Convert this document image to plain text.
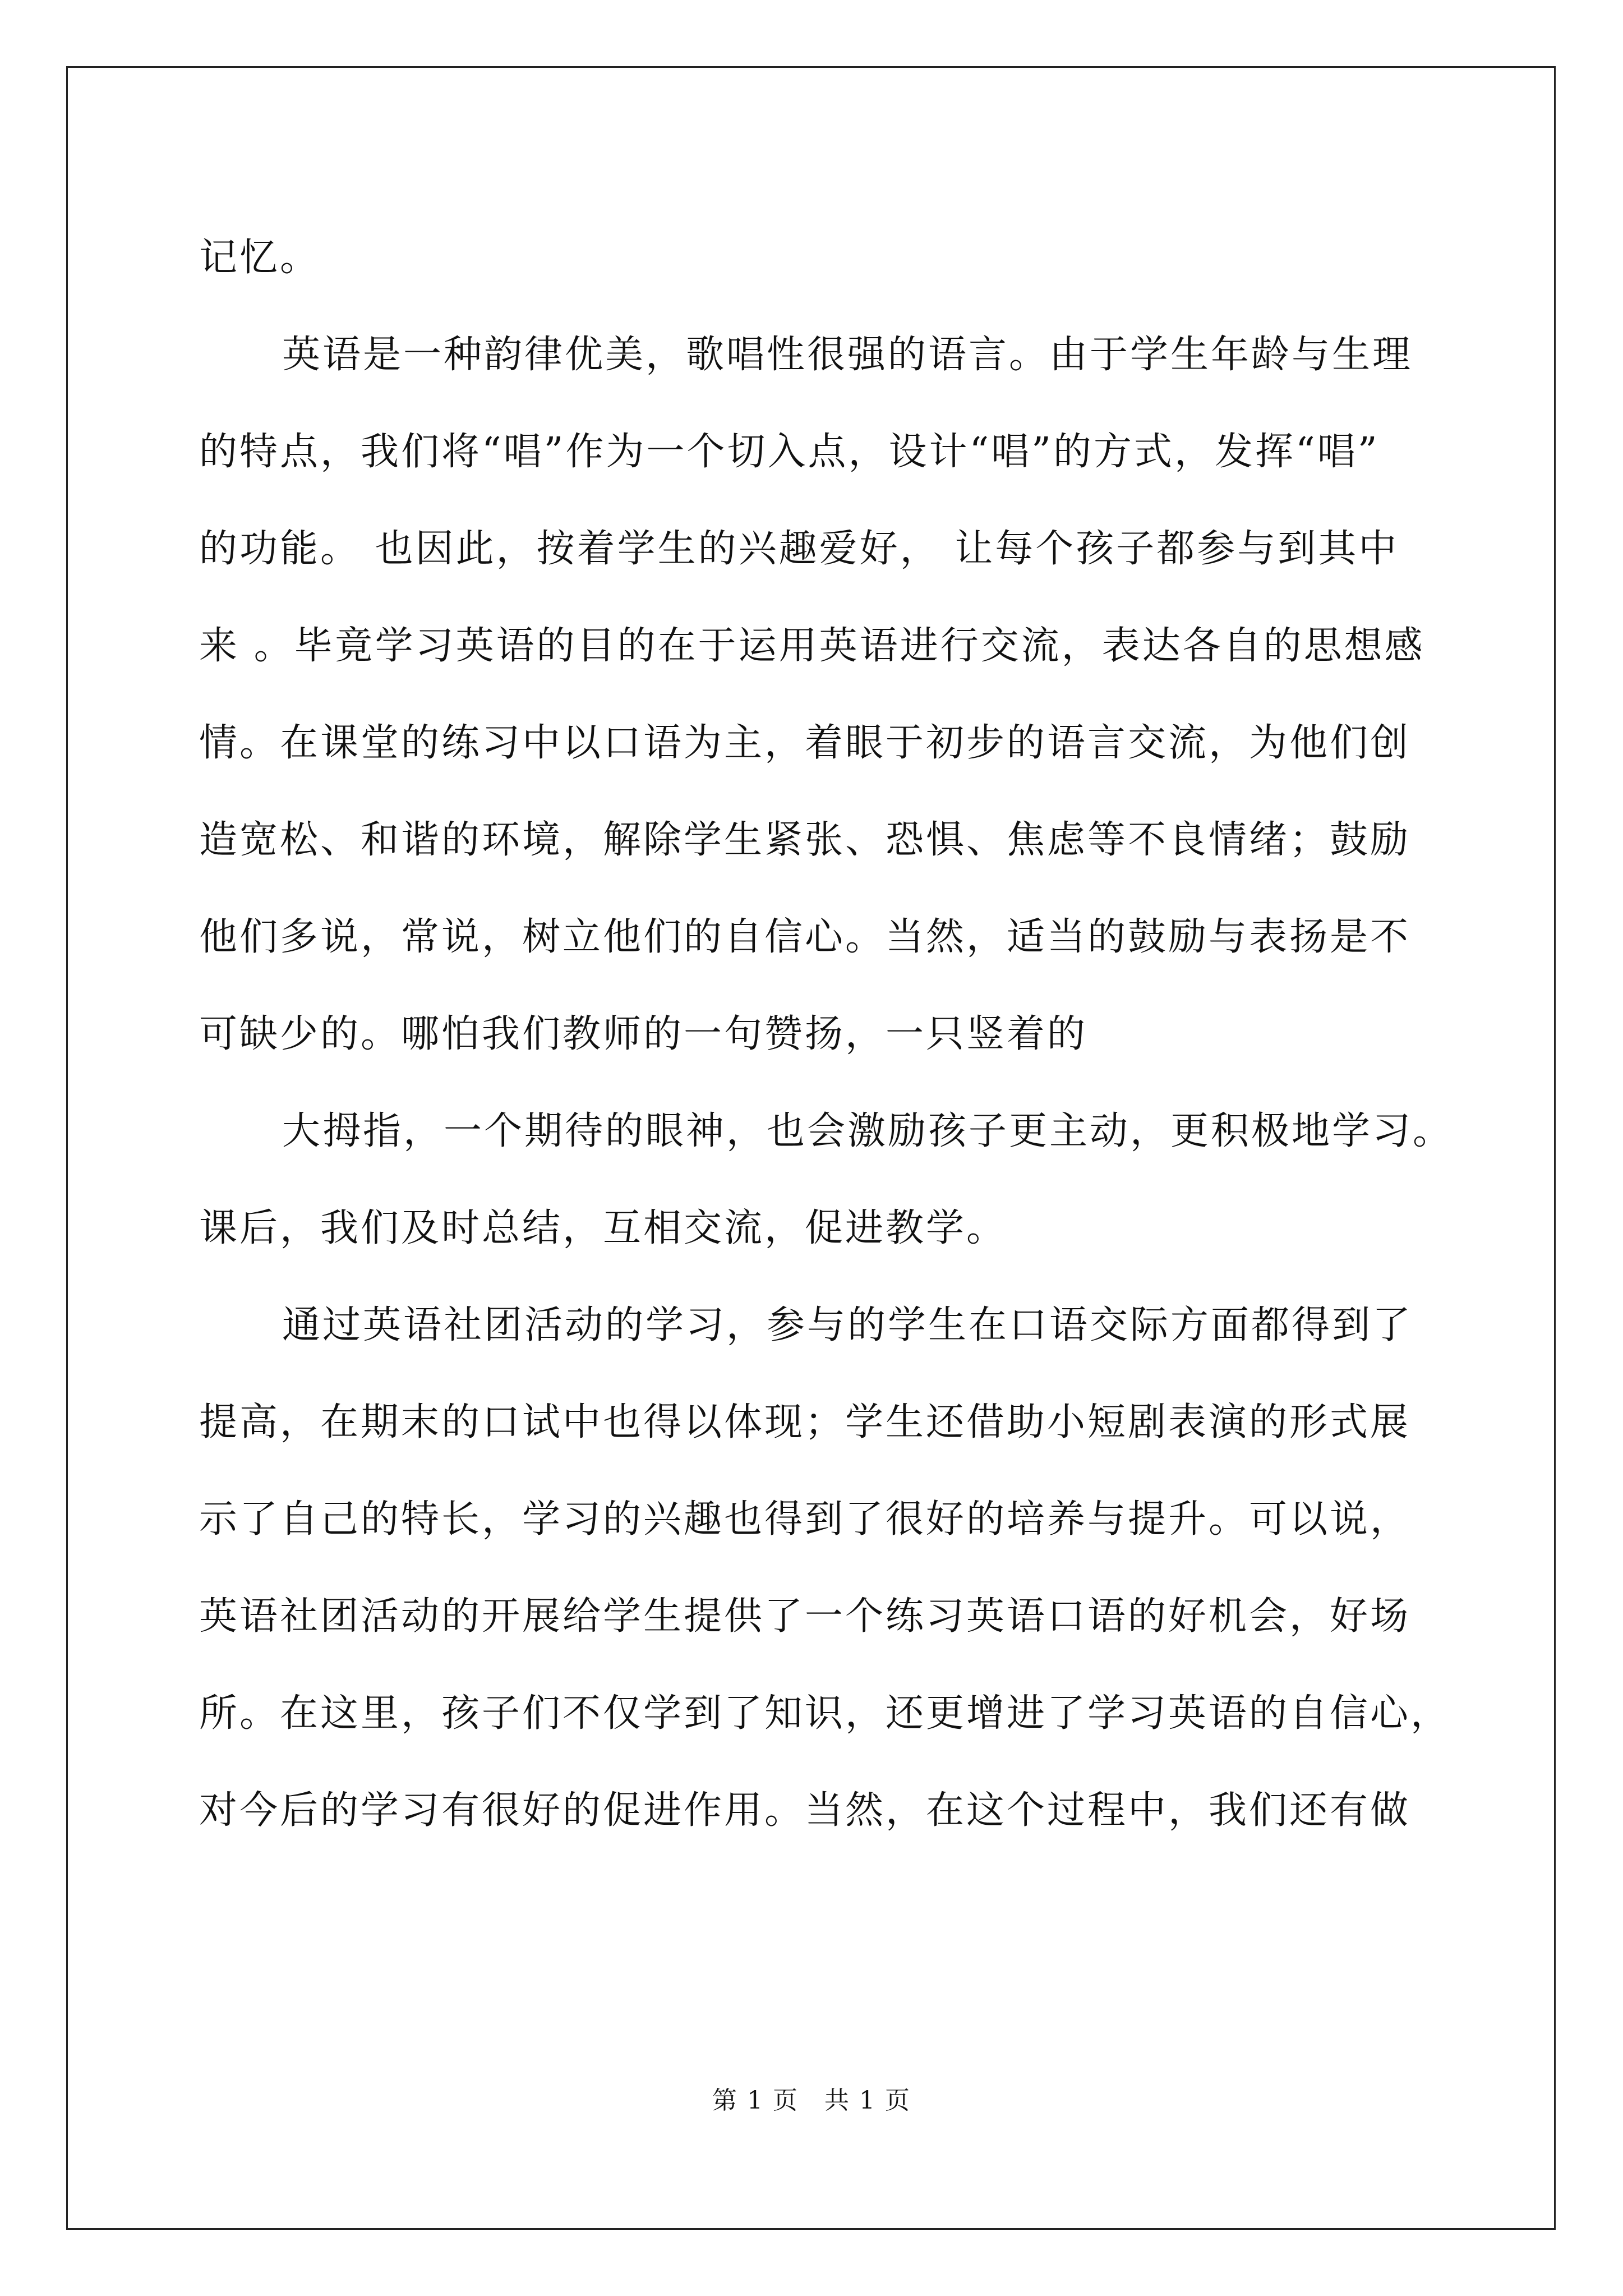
记忆。
英语是一种韵律优美，歌唱性很强的语言。由于学生年龄与生理
的特点，我们将“唱”作为一个切入点，设计“唱”的方式，发挥“唱”
的功能。 也因此，按着学生的兴趣爱好， 让每个孩子都参与到其中
来 。毕竟学习英语的目的在于运用英语进行交流，表达各自的思想感
情。在课堂的练习中以口语为主，着眼于初步的语言交流，为他们创
造宽松、和谐的环境，解除学生紧张、恐惧、焦虑等不良情绪；鼓励
他们多说，常说，树立他们的自信心。当然，适当的鼓励与表扬是不
可缺少的。哪怕我们教师的一句赞扬，一只竖着的
大拇指，一个期待的眼神，也会激励孩子更主动，更积极地学习。
课后，我们及时总结，互相交流，促进教学。
通过英语社团活动的学习，参与的学生在口语交际方面都得到了
提高，在期末的口试中也得以体现；学生还借助小短剧表演的形式展
示了自己的特长，学习的兴趣也得到了很好的培养与提升。可以说，
英语社团活动的开展给学生提供了一个练习英语口语的好机会，好场
所。在这里，孩子们不仅学到了知识，还更增进了学习英语的自信心，
对今后的学习有很好的促进作用。当然，在这个过程中，我们还有做
第 1 页　共 1 页
